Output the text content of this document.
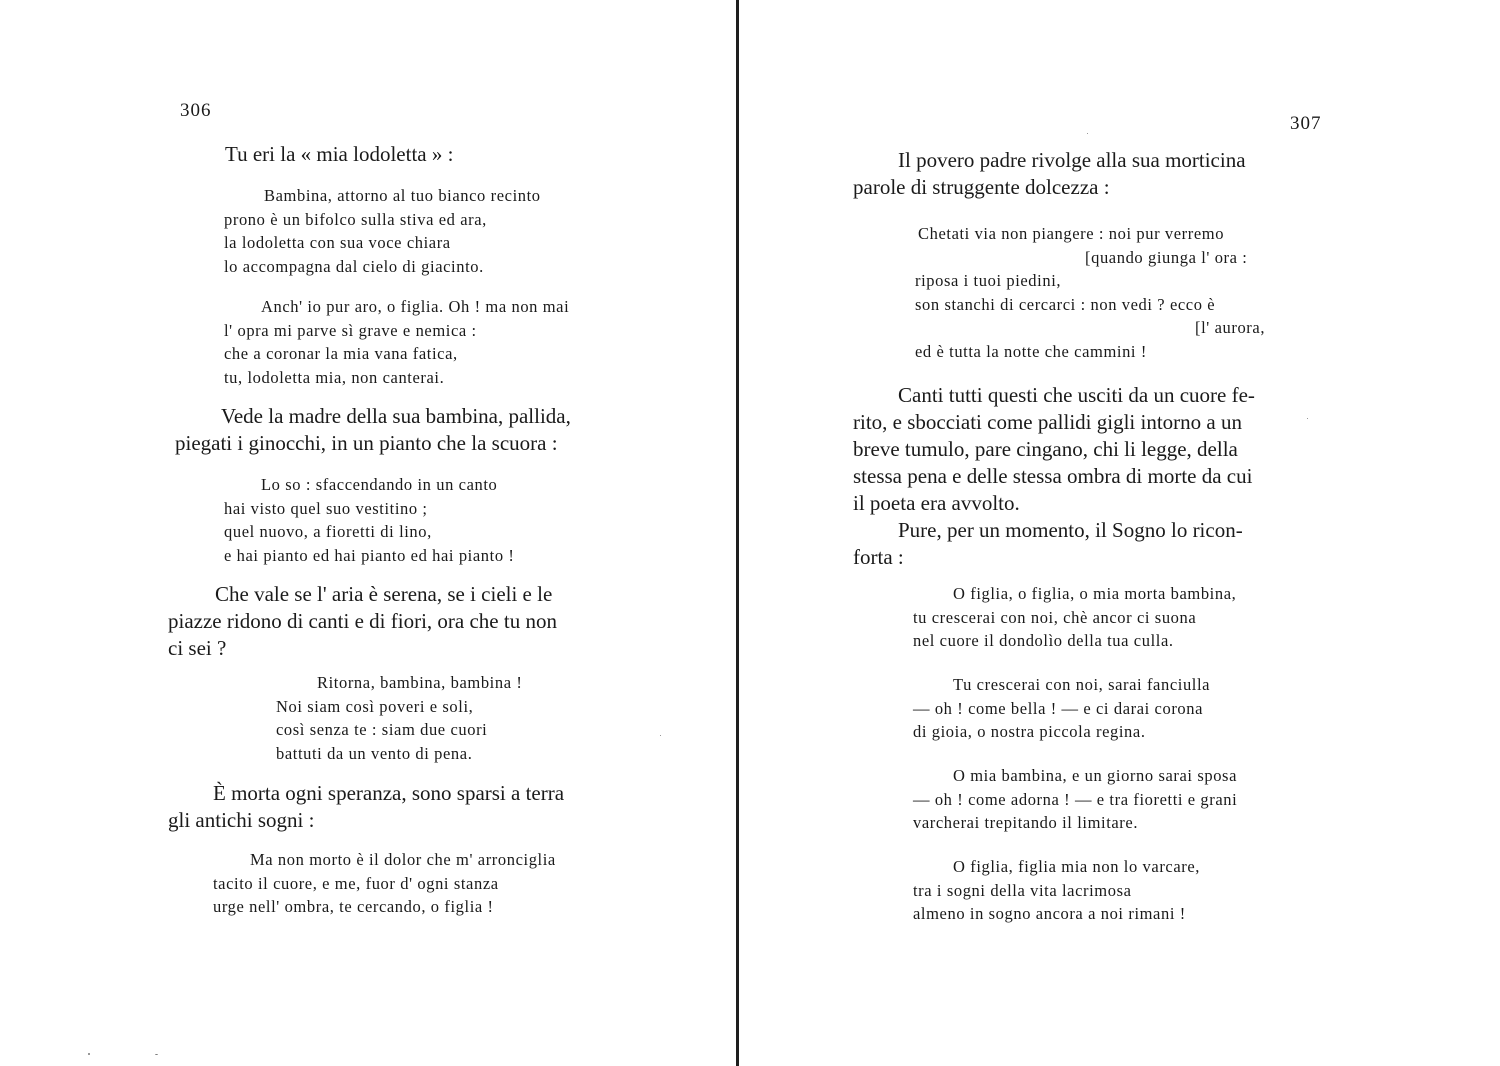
306
Tu eri la « mia lodoletta » :
Bambina, attorno al tuo bianco recinto
prono è un bifolco sulla stiva ed ara,
la lodoletta con sua voce chiara
lo accompagna dal cielo di giacinto.
Anch' io pur aro, o figlia. Oh ! ma non mai
l' opra mi parve sì grave e nemica :
che a coronar la mia vana fatica,
tu, lodoletta mia, non canterai.
Vede la madre della sua bambina, pallida,
piegati i ginocchi, in un pianto che la scuora :
Lo so : sfaccendando in un canto
hai visto quel suo vestitino ;
quel nuovo, a fioretti di lino,
e hai pianto ed hai pianto ed hai pianto !
Che vale se l' aria è serena, se i cieli e le
piazze ridono di canti e di fiori, ora che tu non
ci sei ?
Ritorna, bambina, bambina !
Noi siam così poveri e soli,
così senza te : siam due cuori
battuti da un vento di pena.
È morta ogni speranza, sono sparsi a terra
gli antichi sogni :
Ma non morto è il dolor che m' arronciglia
tacito il cuore, e me, fuor d' ogni stanza
urge nell' ombra, te cercando, o figlia !
307
Il povero padre rivolge alla sua morticina
parole di struggente dolcezza :
Chetati via non piangere : noi pur verremo
[quando giunga l' ora :
riposa i tuoi piedini,
son stanchi di cercarci : non vedi ? ecco è
[l' aurora,
ed è tutta la notte che cammini !
Canti tutti questi che usciti da un cuore fe-
rito, e sbocciati come pallidi gigli intorno a un
breve tumulo, pare cingano, chi li legge, della
stessa pena e delle stessa ombra di morte da cui
il poeta era avvolto.
Pure, per un momento, il Sogno lo ricon-
forta :
O figlia, o figlia, o mia morta bambina,
tu crescerai con noi, chè ancor ci suona
nel cuore il dondolìo della tua culla.
Tu crescerai con noi, sarai fanciulla
— oh ! come bella ! — e ci darai corona
di gioia, o nostra piccola regina.
O mia bambina, e un giorno sarai sposa
— oh ! come adorna ! — e tra fioretti e grani
varcherai trepitando il limitare.
O figlia, figlia mia non lo varcare,
tra i sogni della vita lacrimosa
almeno in sogno ancora a noi rimani !
